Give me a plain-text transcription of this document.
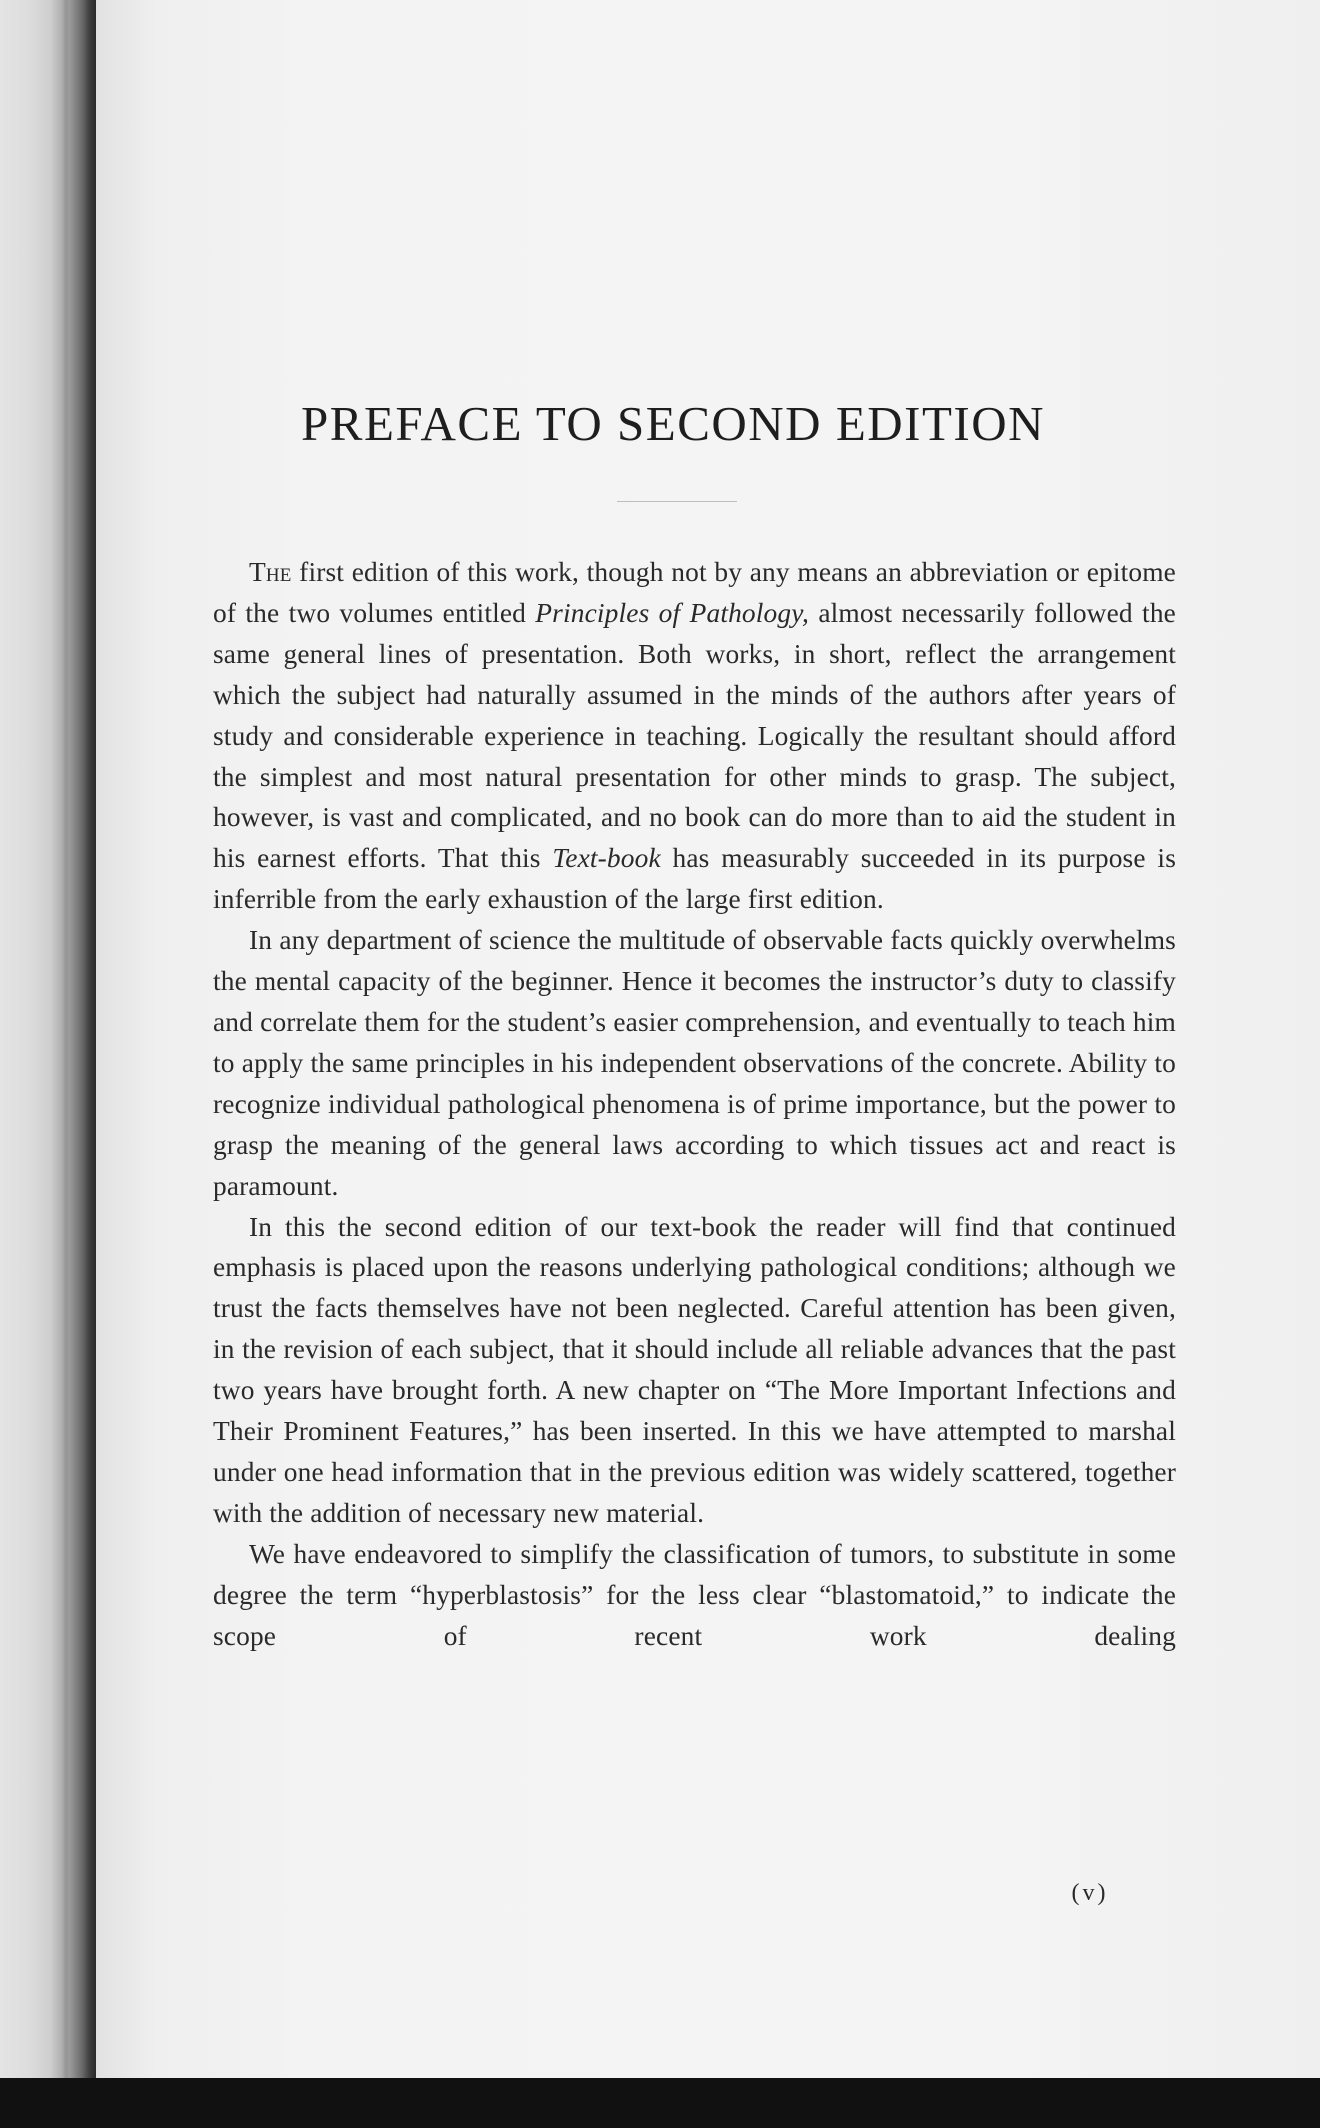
PREFACE TO SECOND EDITION

The first edition of this work, though not by any means an abbreviation or epitome of the two volumes entitled Principles of Pathology, almost necessarily followed the same general lines of presentation. Both works, in short, reflect the arrangement which the subject had naturally assumed in the minds of the authors after years of study and considerable experience in teaching. Logically the resultant should afford the simplest and most natural presentation for other minds to grasp. The subject, however, is vast and complicated, and no book can do more than to aid the student in his earnest efforts. That this Text-book has measurably succeeded in its purpose is inferrible from the early exhaustion of the large first edition.

In any department of science the multitude of observable facts quickly overwhelms the mental capacity of the beginner. Hence it becomes the instructor’s duty to classify and correlate them for the student’s easier comprehension, and eventually to teach him to apply the same principles in his independent observations of the concrete. Ability to recognize individual pathological phenomena is of prime importance, but the power to grasp the meaning of the general laws according to which tissues act and react is paramount.

In this the second edition of our text-book the reader will find that continued emphasis is placed upon the reasons underlying pathological conditions; although we trust the facts themselves have not been neglected. Careful attention has been given, in the revision of each subject, that it should include all reliable advances that the past two years have brought forth. A new chapter on “The More Important Infections and Their Prominent Features,” has been inserted. In this we have attempted to marshal under one head information that in the previous edition was widely scattered, together with the addition of necessary new material.

We have endeavored to simplify the classification of tumors, to substitute in some degree the term “hyperblastosis” for the less clear “blastomatoid,” to indicate the scope of recent work dealing

(v)
